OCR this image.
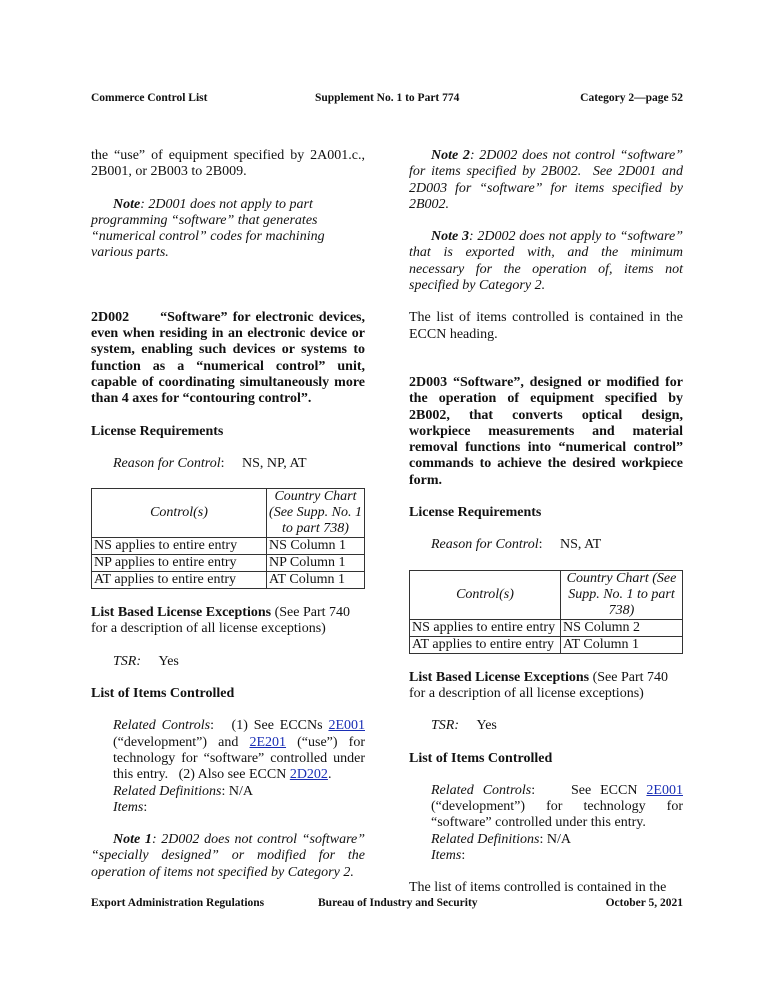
Commerce Control List	Supplement No. 1 to Part 774	Category 2—page 52

the “use” of equipment specified by 2A001.c., 2B001, or 2B003 to 2B009.

Note: 2D001 does not apply to part programming “software” that generates “numerical control” codes for machining various parts.

2D002      “Software” for electronic devices, even when residing in an electronic device or system, enabling such devices or systems to function as a “numerical control” unit, capable of coordinating simultaneously more than 4 axes for “contouring control”.

License Requirements

Reason for Control:     NS, NP, AT

Control(s)	Country Chart (See Supp. No. 1 to part 738)
NS applies to entire entry	NS Column 1
NP applies to entire entry	NP Column 1
AT applies to entire entry	AT Column 1

List Based License Exceptions (See Part 740 for a description of all license exceptions)

TSR: Yes

List of Items Controlled

Related Controls:   (1) See ECCNs 2E001 (“development”) and 2E201 (“use”) for technology for “software” controlled under this entry.   (2) Also see ECCN 2D202.

Related Definitions: N/A

Items:

Note 1: 2D002 does not control “software” “specially designed” or modified for the operation of items not specified by Category 2.

Note 2: 2D002 does not control “software” for items specified by 2B002.  See 2D001 and 2D003 for “software” for items specified by 2B002.

Note 3: 2D002 does not apply to “software” that is exported with, and the minimum necessary for the operation of, items not specified by Category 2.

The list of items controlled is contained in the ECCN heading.

2D003 “Software”, designed or modified for the operation of equipment specified by 2B002, that converts optical design, workpiece measurements and material removal functions into “numerical control” commands to achieve the desired workpiece form.

License Requirements

Reason for Control:     NS, AT

Control(s)	Country Chart (See Supp. No. 1 to part 738)
NS applies to entire entry	NS Column 2
AT applies to entire entry	AT Column 1

List Based License Exceptions (See Part 740 for a description of all license exceptions)

TSR: Yes

List of Items Controlled

Related Controls:    See ECCN 2E001 (“development”) for technology for “software” controlled under this entry.

Related Definitions: N/A

Items:

The list of items controlled is contained in the

Export Administration Regulations	Bureau of Industry and Security	October 5, 2021
